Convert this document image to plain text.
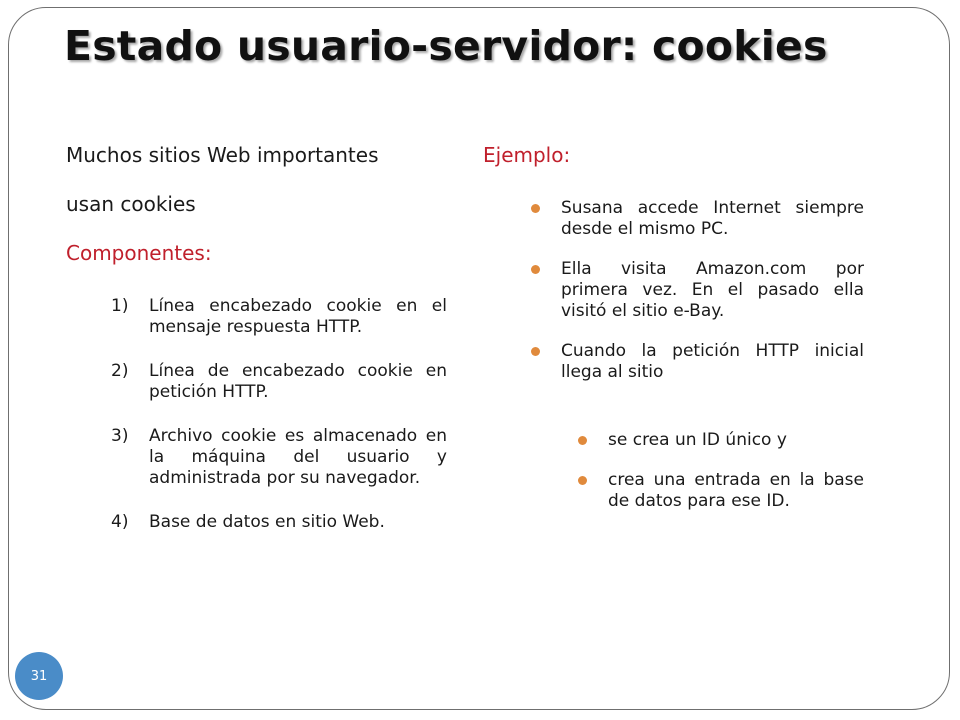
Estado usuario-servidor: cookies
Muchos sitios Web importantes
usan cookies
Componentes:
1) Línea encabezado cookie en el mensaje respuesta HTTP.
2) Línea de encabezado cookie en petición HTTP.
3) Archivo cookie es almacenado en la máquina del usuario y administrada por su navegador.
4) Base de datos en sitio Web.
Ejemplo:
Susana accede Internet siempre desde el mismo PC.
Ella visita Amazon.com por primera vez. En el pasado ella visitó el sitio e-Bay.
Cuando la petición HTTP inicial llega al sitio
se crea un ID único y
crea una entrada en la base de datos para ese ID.
31
